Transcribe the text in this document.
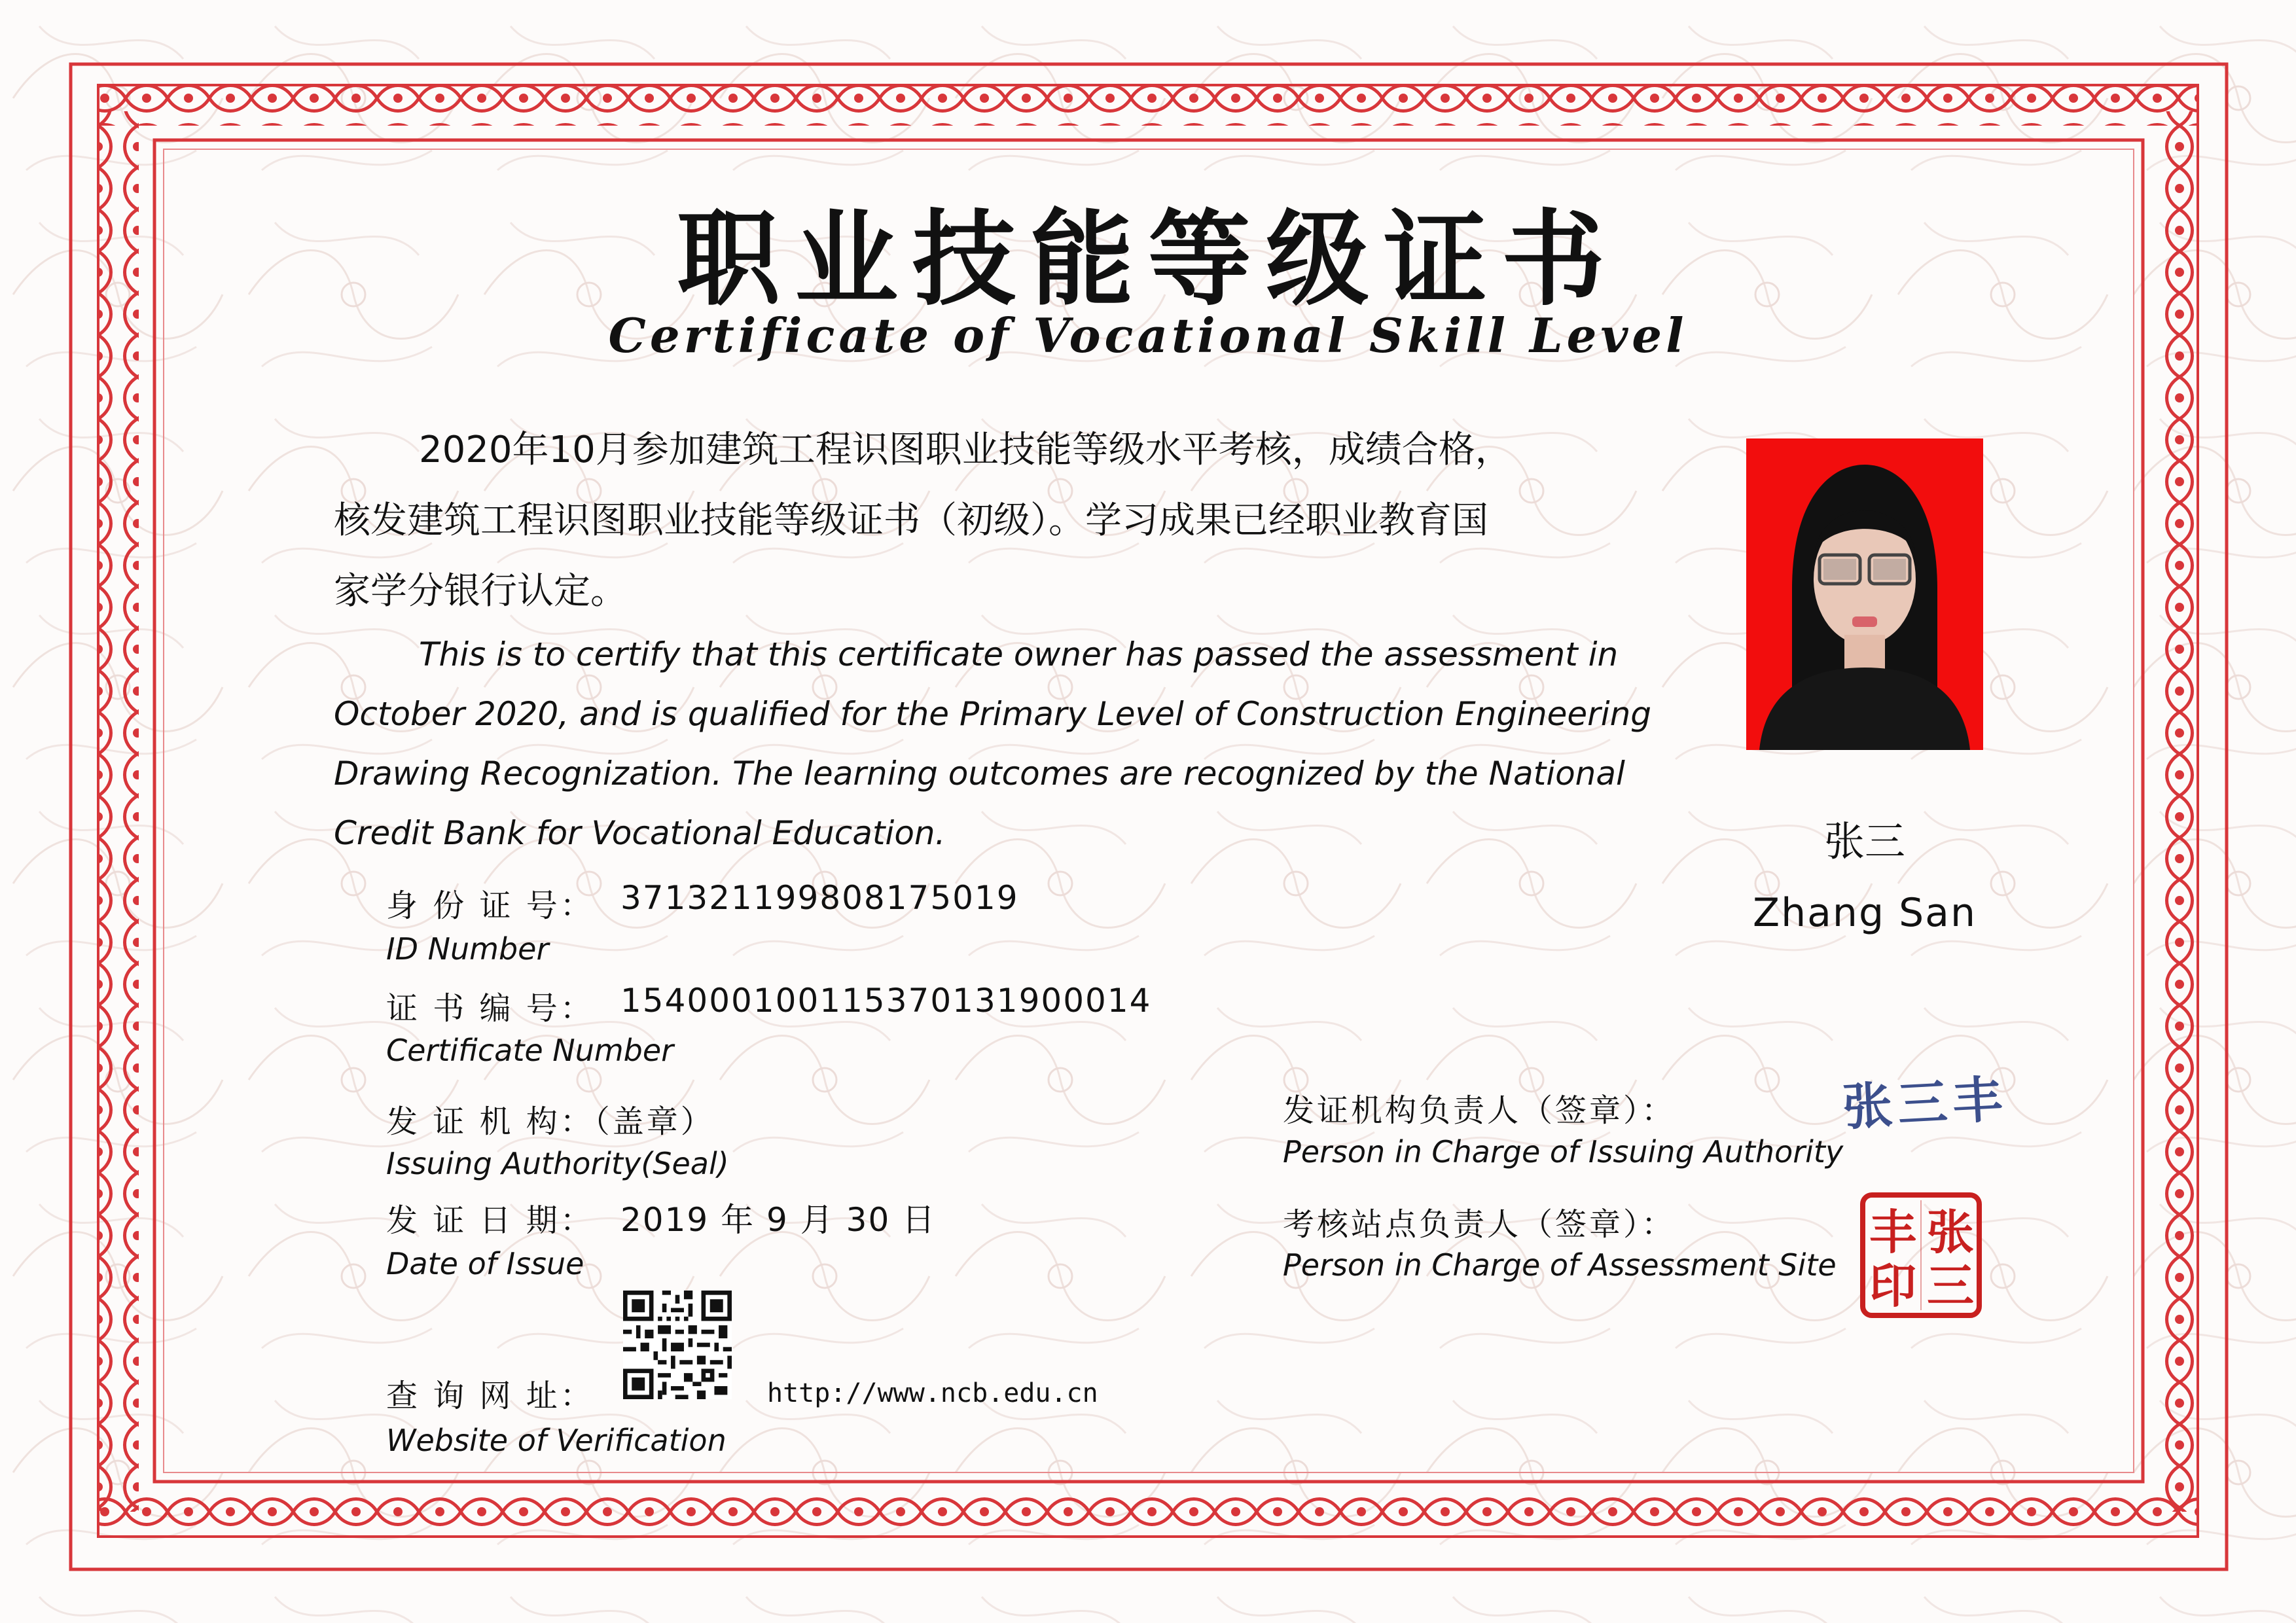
职业技能等级证书
Certificate of Vocational Skill Level
2020年10月参加建筑工程识图职业技能等级水平考核，成绩合格，
核发建筑工程识图职业技能等级证书（初级）。学习成果已经职业教育国
家学分银行认定。
This is to certify that this certificate owner has passed the assessment in
October 2020, and is qualified for the Primary Level of Construction Engineering
Drawing Recognization. The learning outcomes are recognized by the National
Credit Bank for Vocational Education.	张三
Zhang San
身 份 证 号： 371321199808175019
ID Number
证 书 编 号： 15400010011537013190001​4
Certificate Number
发 证 机 构：（盖章）
Issuing Authority(Seal)
发 证 日 期： 2019 年 9 月 30 日
Date of Issue
查 询 网 址：	http://www.ncb.edu.cn
Website of Verification
发证机构负责人（签章）：
Person in Charge of Issuing Authority
张三丰
考核站点负责人（签章）：
Person in Charge of Assessment Site
张
三
丰
印
